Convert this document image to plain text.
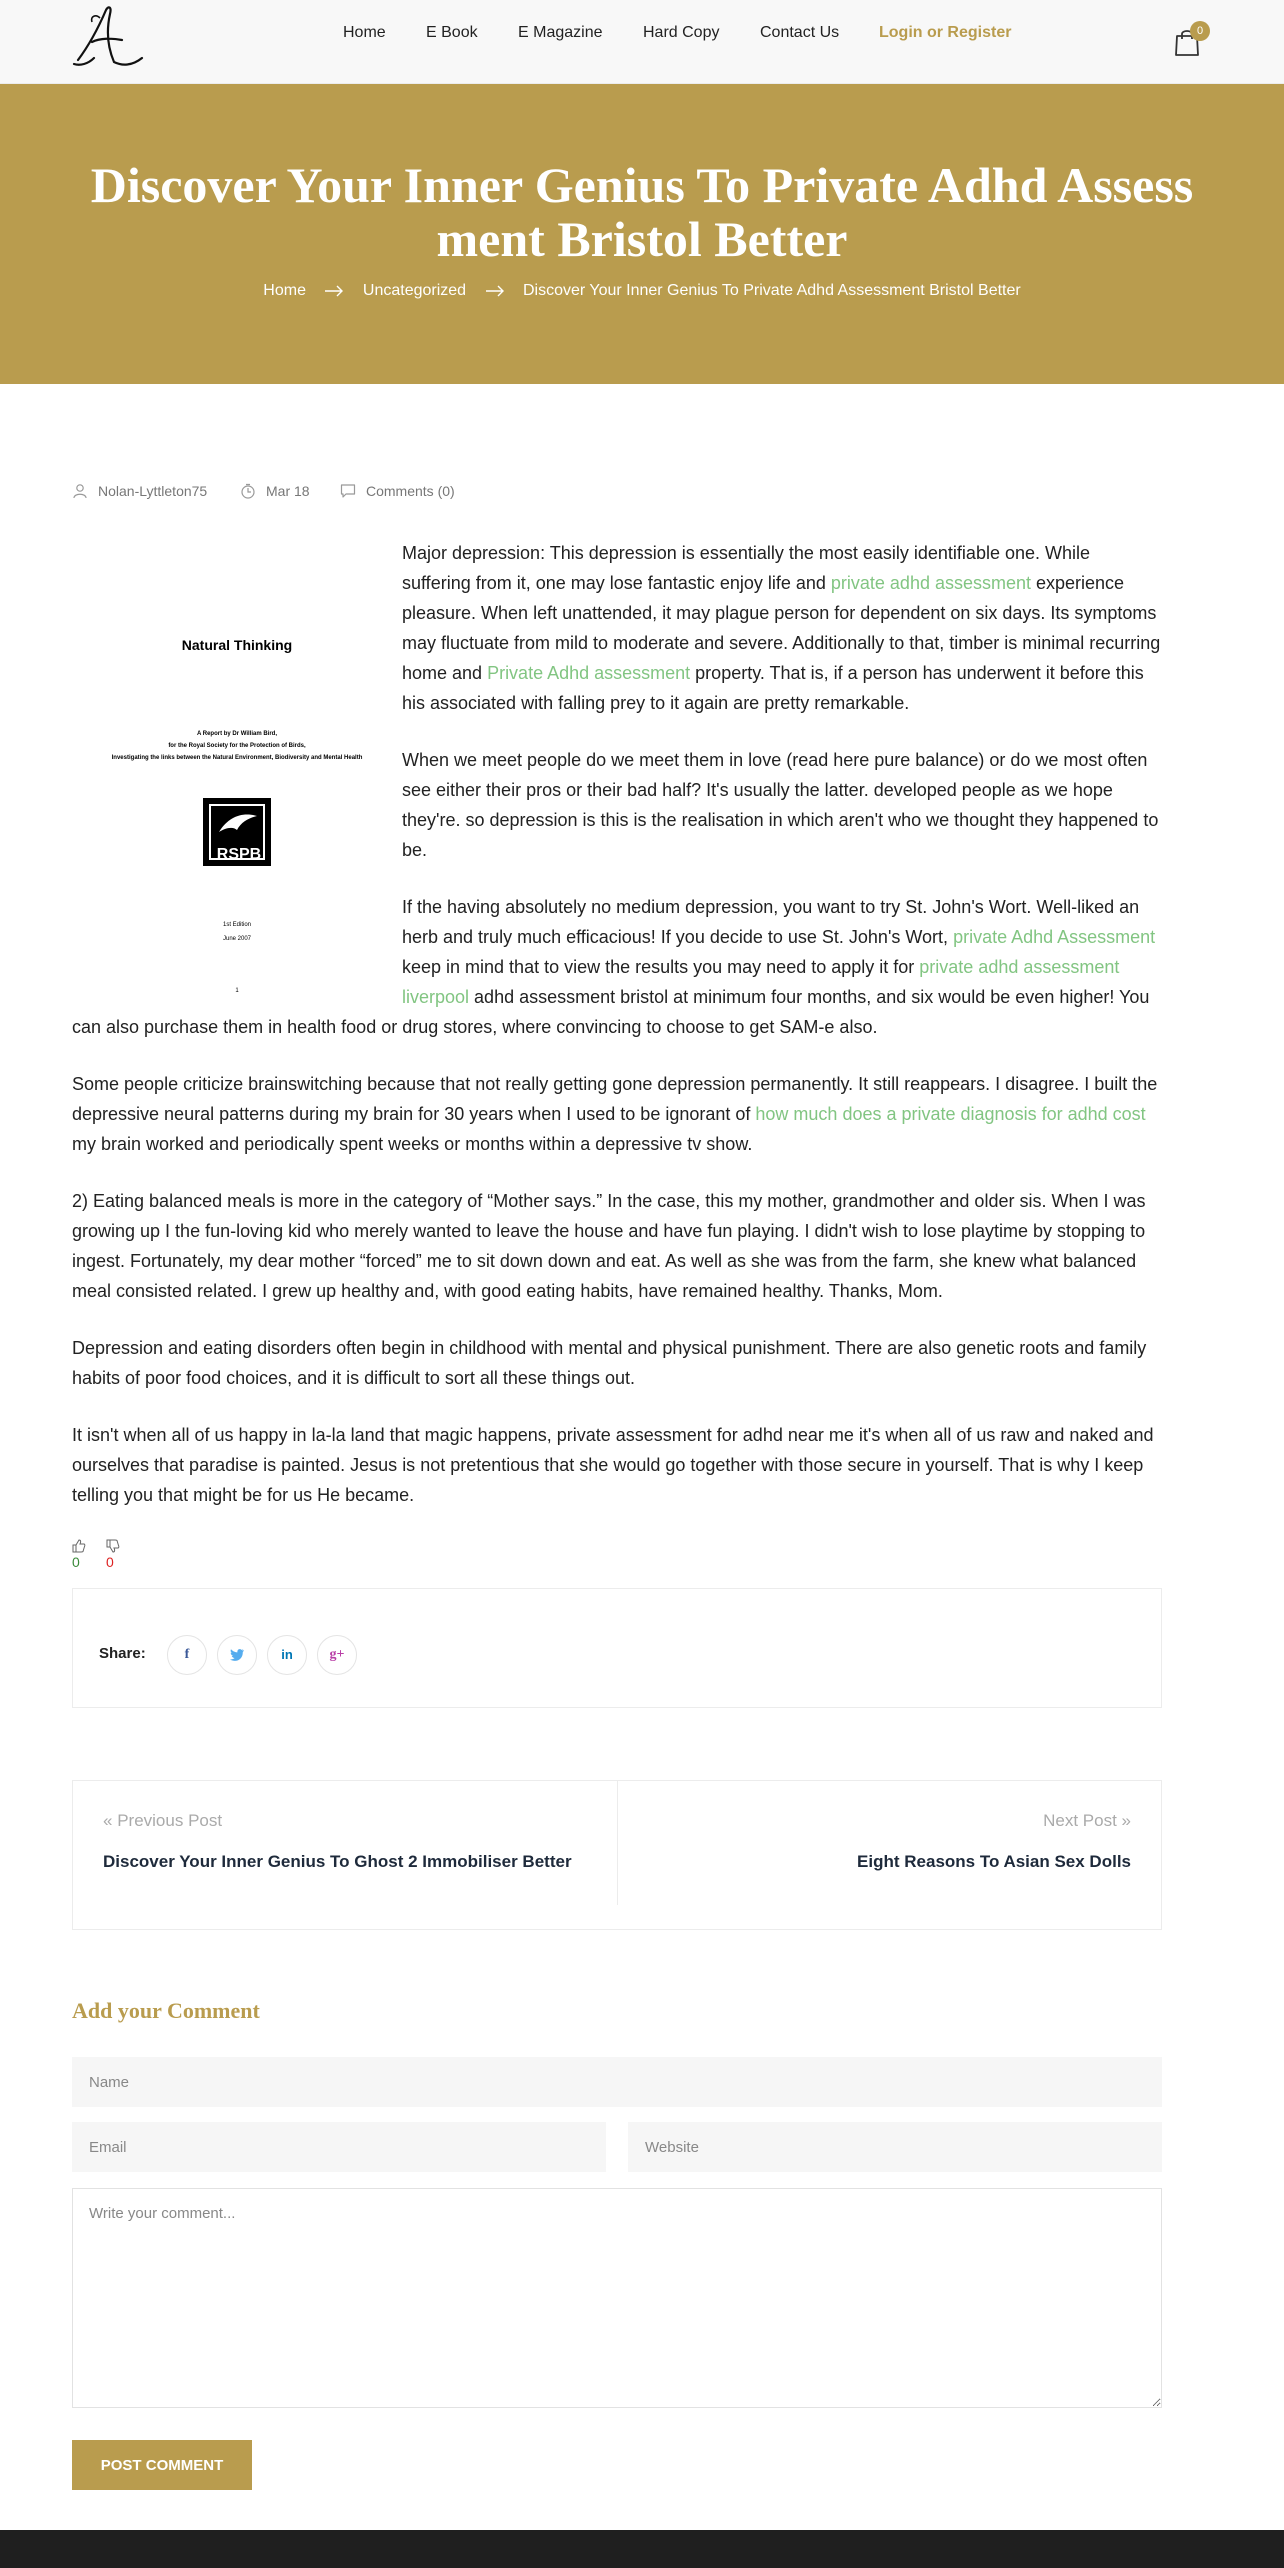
Home	E Book	E Magazine	Hard Copy	Contact Us Login or Register	0
Discover Your Inner Genius To Private Adhd Assessment Bristol Better
Home	Uncategorized	Discover Your Inner Genius To Private Adhd Assessment Bristol Better
Nolan-Lyttleton75	Mar 18	Comments (0)
Natural Thinking
A Report by Dr William Bird,
for the Royal Society for the Protection of Birds,
Investigating the links between the Natural Environment, Biodiversity and Mental Health
RSPB
1st Edition
June 2007
1

Major depression: This depression is essentially the most easily identifiable one. While suffering from it, one may lose fantastic enjoy life and private adhd assessment experience pleasure. When left unattended, it may plague person for dependent on six days. Its symptoms may fluctuate from mild to moderate and severe. Additionally to that, timber is minimal recurring home and Private Adhd assessment property. That is, if a person has underwent it before this his associated with falling prey to it again are pretty remarkable.

When we meet people do we meet them in love (read here pure balance) or do we most often see either their pros or their bad half? It's usually the latter. developed people as we hope they're. so depression is this is the realisation in which aren't who we thought they happened to be.

If the having absolutely no medium depression, you want to try St. John's Wort. Well-liked an herb and truly much efficacious! If you decide to use St. John's Wort, private Adhd Assessment keep in mind that to view the results you may need to apply it for private adhd assessment liverpool adhd assessment bristol at minimum four months, and six would be even higher! You can also purchase them in health food or drug stores, where convincing to choose to get SAM-e also.

Some people criticize brainswitching because that not really getting gone depression permanently. It still reappears. I disagree. I built the depressive neural patterns during my brain for 30 years when I used to be ignorant of how much does a private diagnosis for adhd cost my brain worked and periodically spent weeks or months within a depressive tv show.

2) Eating balanced meals is more in the category of “Mother says.” In the case, this my mother, grandmother and older sis. When I was growing up I the fun-loving kid who merely wanted to leave the house and have fun playing. I didn't wish to lose playtime by stopping to ingest. Fortunately, my dear mother “forced” me to sit down down and eat. As well as she was from the farm, she knew what balanced meal consisted related. I grew up healthy and, with good eating habits, have remained healthy. Thanks, Mom.

Depression and eating disorders often begin in childhood with mental and physical punishment. There are also genetic roots and family habits of poor food choices, and it is difficult to sort all these things out.

It isn't when all of us happy in la-la land that magic happens, private assessment for adhd near me it's when all of us raw and naked and ourselves that paradise is painted. Jesus is not pretentious that she would go together with those secure in yourself. That is why I keep telling you that might be for us He became.

0	0
Share:	f	in	g+
« Previous Post
Discover Your Inner Genius To Ghost 2 Immobiliser Better
Next Post »
Eight Reasons To Asian Sex Dolls
Add your Comment
Name
Email
Website
Write your comment...
POST COMMENT
